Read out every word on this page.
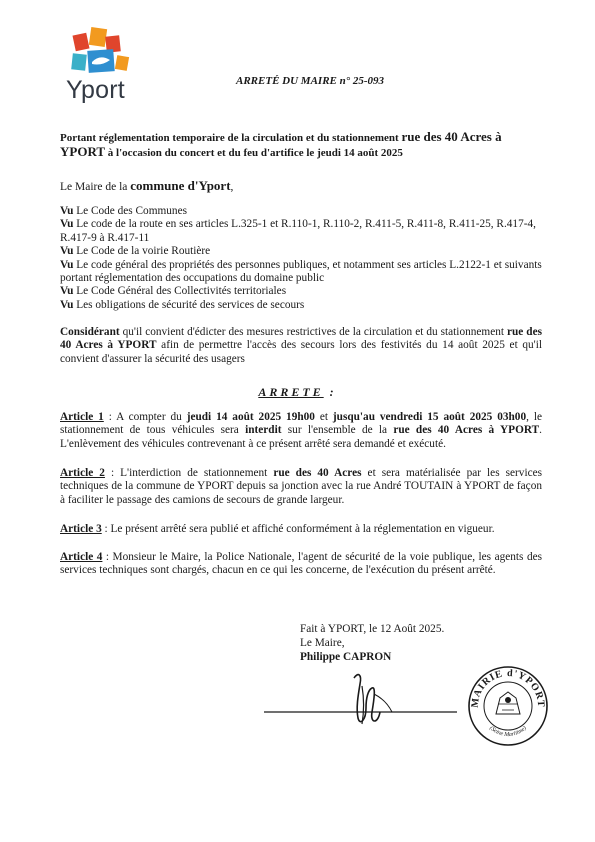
Yport	ARRETÉ DU MAIRE n° 25-093
Portant réglementation temporaire de la circulation et du stationnement rue des 40 Acres à YPORT à l'occasion du concert et du feu d'artifice le jeudi 14 août 2025
Le Maire de la commune d'Yport,

Vu Le Code des Communes

Vu Le code de la route en ses articles L.325-1 et R.110-1, R.110-2, R.411-5, R.411-8, R.411-25, R.417-4, R.417-9 à R.417-11

Vu Le Code de la voirie Routière

Vu Le code général des propriétés des personnes publiques, et notamment ses articles L.2122-1 et suivants portant réglementation des occupations du domaine public

Vu Le Code Général des Collectivités territoriales

Vu Les obligations de sécurité des services de secours

Considérant qu'il convient d'édicter des mesures restrictives de la circulation et du stationnement rue des 40 Acres à YPORT afin de permettre l'accès des secours lors des festivités du 14 août 2025 et qu'il convient d'assurer la sécurité des usagers
ARRETE :
Article 1 : A compter du jeudi 14 août 2025 19h00 et jusqu'au vendredi 15 août 2025 03h00, le stationnement de tous véhicules sera interdit sur l'ensemble de la rue des 40 Acres à YPORT. L'enlèvement des véhicules contrevenant à ce présent arrêté sera demandé et exécuté.
Article 2 : L'interdiction de stationnement rue des 40 Acres et sera matérialisée par les services techniques de la commune de YPORT depuis sa jonction avec la rue André TOUTAIN à YPORT de façon à faciliter le passage des camions de secours de grande largeur.
Article 3 : Le présent arrêté sera publié et affiché conformément à la réglementation en vigueur.
Article 4 : Monsieur le Maire, la Police Nationale, l'agent de sécurité de la voie publique, les agents des services techniques sont chargés, chacun en ce qui les concerne, de l'exécution du présent arrêté.

Fait à YPORT, le 12 Août 2025.

Le Maire,

Philippe CAPRON

MAIRIE d'YPORT
(Seine Maritime)
